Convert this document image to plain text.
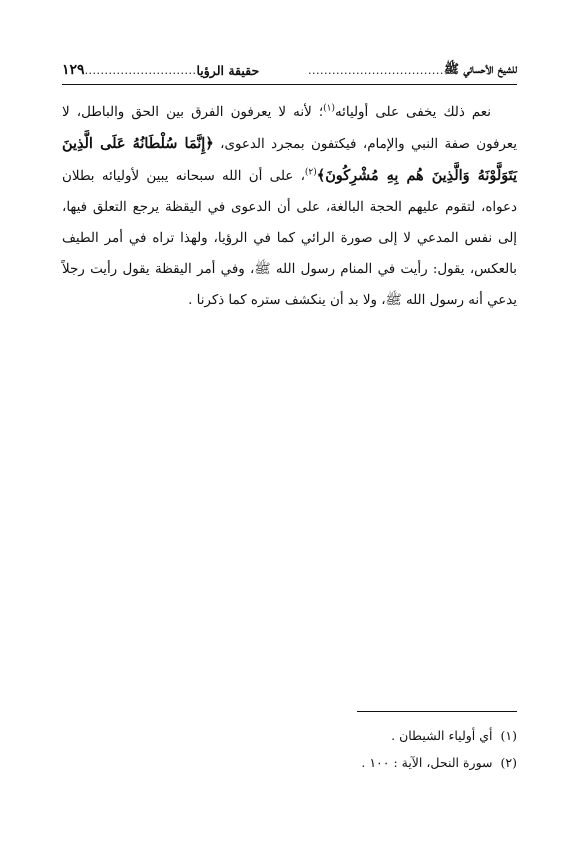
للشيخ الأحسائي ﷺ
..................................
حقيقة الرؤيا
............................
١٢٩

نعم ذلك يخفى على أوليائه$^{(١)}$؛ لأنه لا يعرفون الفرق بين الحق والباطل، لا يعرفون صفة النبي والإمام، فيكتفون بمجرد الدعوى، ﴿إِنَّمَا سُلْطَانُهُ عَلَى الَّذِينَ يَتَوَلَّوْنَهُ وَالَّذِينَ هُم بِهِ مُشْرِكُونَ﴾$^{(٢)}$، على أن الله سبحانه يبين لأوليائه بطلان دعواه، لتقوم عليهم الحجة البالغة، على أن الدعوى في اليقظة يرجع التعلق فيها، إلى نفس المدعي لا إلى صورة الرائي كما في الرؤيا، ولهذا تراه في أمر الطيف بالعكس، يقول: رأيت في المنام رسول الله ﷺ، وفي أمر اليقظة يقول رأيت رجلاً يدعي أنه رسول الله ﷺ، ولا بد أن ينكشف ستره كما ذكرنا .

(١)أي أولياء الشيطان .

(٢)سورة النحل، الآية : ١٠٠ .
